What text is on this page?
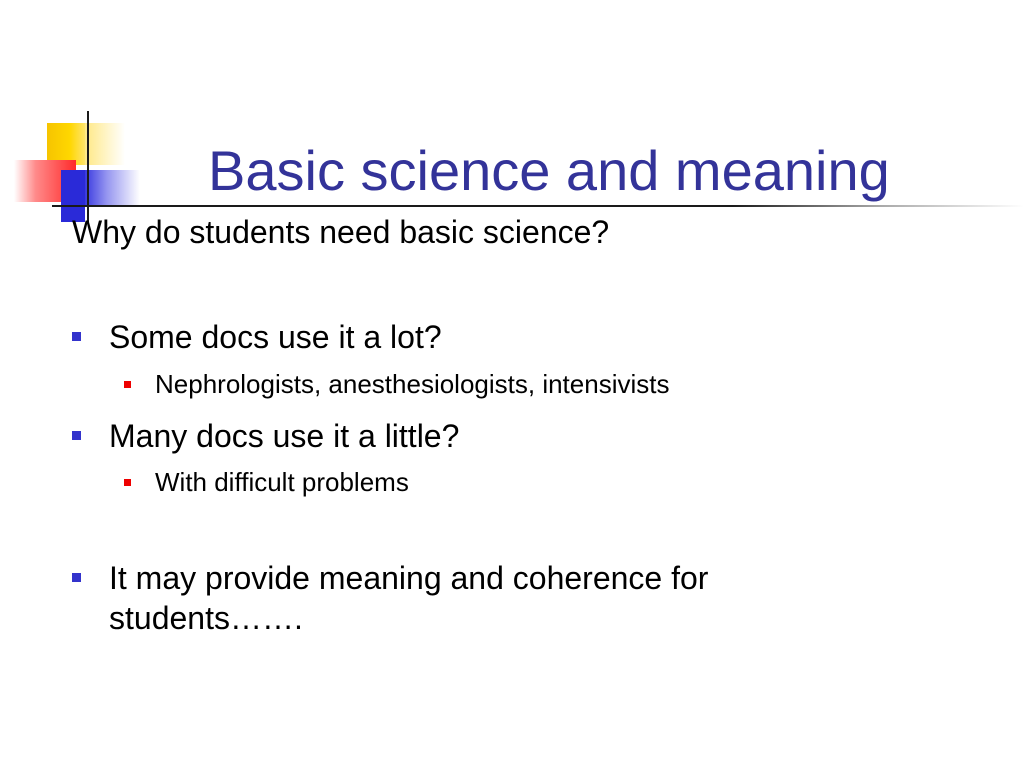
Basic science and meaning
Why do students need basic science?
Some docs use it a lot?
Nephrologists, anesthesiologists, intensivists
Many docs use it a little?
With difficult problems
It may provide meaning and coherence for students…….
